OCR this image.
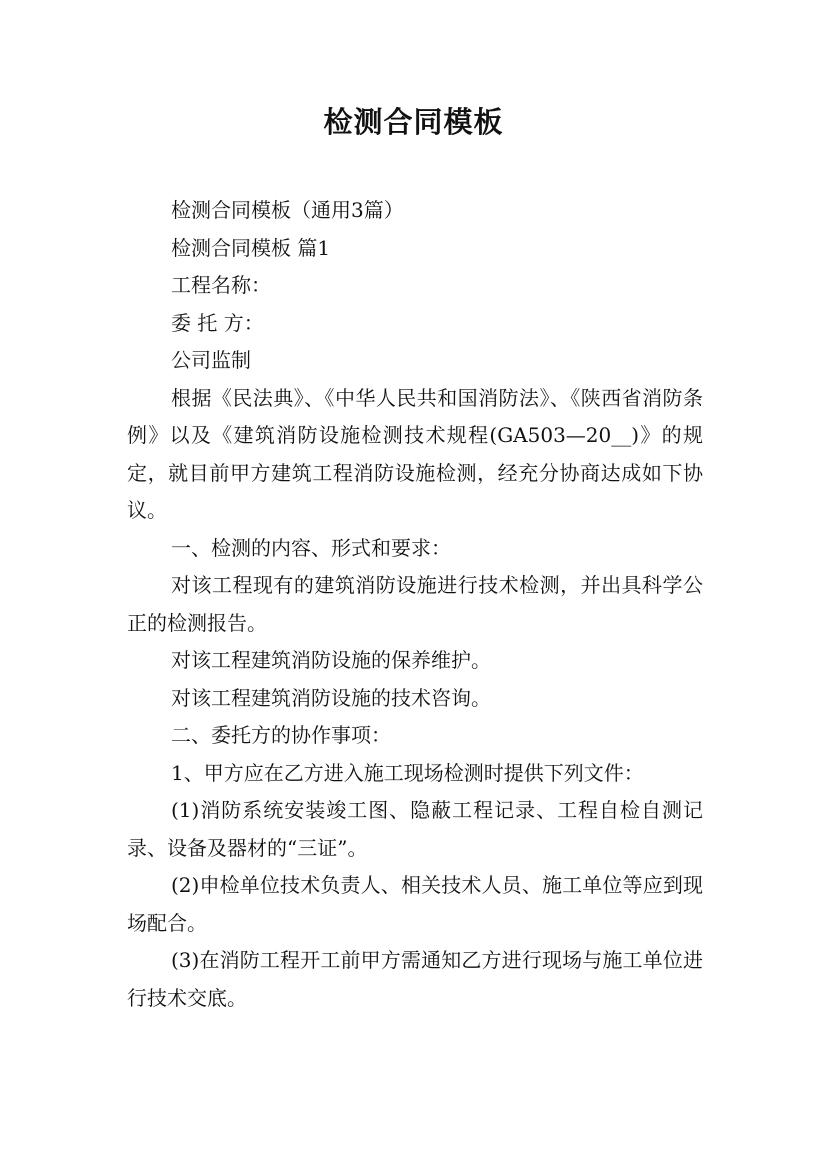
检测合同模板

检测合同模板（通用3篇）

检测合同模板 篇1

工程名称：

委 托 方：

公司监制

根据《民法典》、《中华人民共和国消防法》、《陕西省消防条例》以及《建筑消防设施检测技术规程(GA503—20__)》的规定，就目前甲方建筑工程消防设施检测，经充分协商达成如下协议。

一、检测的内容、形式和要求：

对该工程现有的建筑消防设施进行技术检测，并出具科学公正的检测报告。

对该工程建筑消防设施的保养维护。

对该工程建筑消防设施的技术咨询。

二、委托方的协作事项：

1、甲方应在乙方进入施工现场检测时提供下列文件：

(1)消防系统安装竣工图、隐蔽工程记录、工程自检自测记录、设备及器材的“三证”。

(2)申检单位技术负责人、相关技术人员、施工单位等应到现场配合。

(3)在消防工程开工前甲方需通知乙方进行现场与施工单位进行技术交底。
